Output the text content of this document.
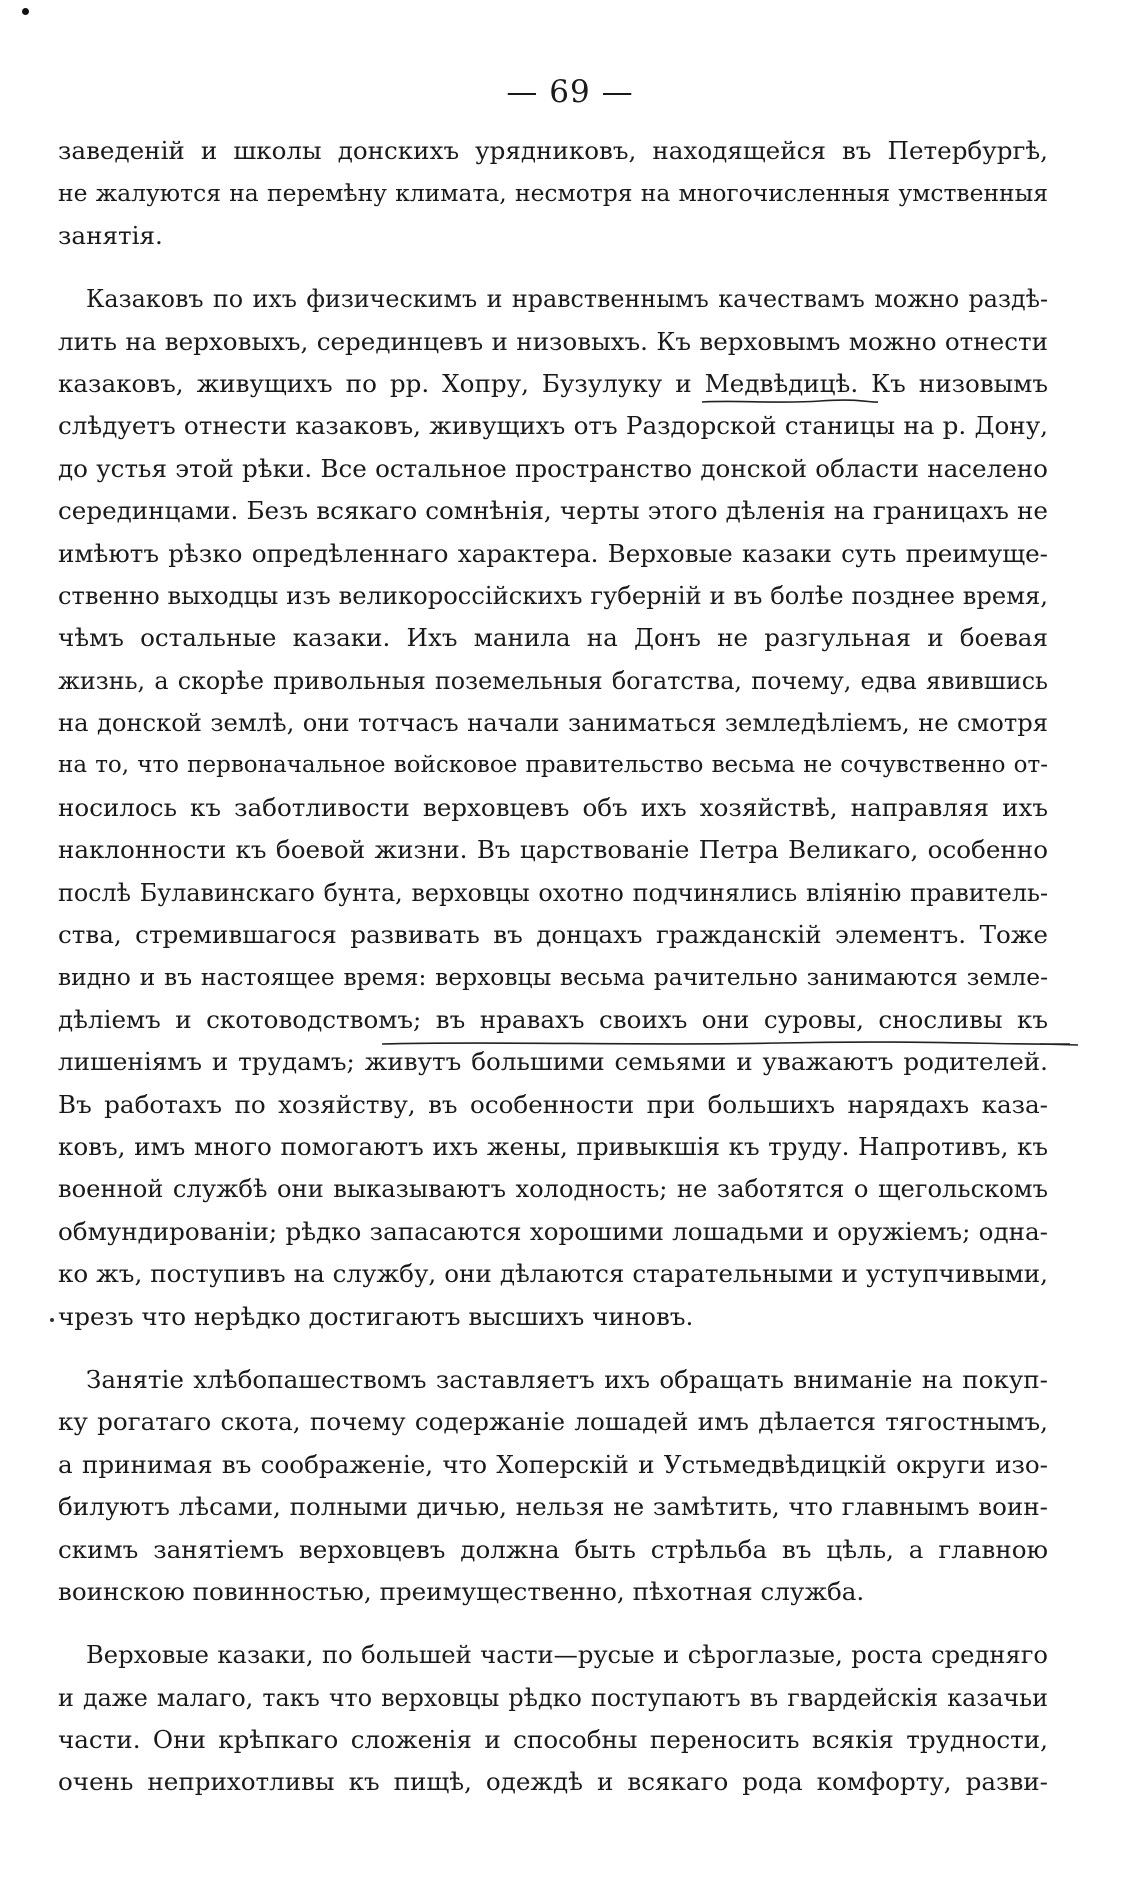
— 69 —
заведеній и школы донскихъ урядниковъ, находящейся въ Петербургѣ,
не жалуются на перемѣну климата, несмотря на многочисленныя умственныя
занятія.
Казаковъ по ихъ физическимъ и нравственнымъ качествамъ можно раздѣ-
лить на верховыхъ, серединцевъ и низовыхъ. Къ верховымъ можно отнести
казаковъ, живущихъ по рр. Хопру, Бузулуку и Медвѣдицѣ. Къ низовымъ
слѣдуетъ отнести казаковъ, живущихъ отъ Раздорской станицы на р. Дону,
до устья этой рѣки. Все остальное пространство донской области населено
серединцами. Безъ всякаго сомнѣнія, черты этого дѣленія на границахъ не
имѣютъ рѣзко опредѣленнаго характера. Верховые казаки суть преимуще-
ственно выходцы изъ великороссійскихъ губерній и въ болѣе позднее время,
чѣмъ остальные казаки. Ихъ манила на Донъ не разгульная и боевая
жизнь, а скорѣе привольныя поземельныя богатства, почему, едва явившись
на донской землѣ, они тотчасъ начали заниматься земледѣліемъ, не смотря
на то, что первоначальное войсковое правительство весьма не сочувственно от-
носилось къ заботливости верховцевъ объ ихъ хозяйствѣ, направляя ихъ
наклонности къ боевой жизни. Въ царствованіе Петра Великаго, особенно
послѣ Булавинскаго бунта, верховцы охотно подчинялись вліянію правитель-
ства, стремившагося развивать въ донцахъ гражданскій элементъ. Тоже
видно и въ настоящее время: верховцы весьма рачительно занимаются земле-
дѣліемъ и скотоводствомъ; въ нравахъ своихъ они суровы, сносливы къ
лишеніямъ и трудамъ; живутъ большими семьями и уважаютъ родителей.
Въ работахъ по хозяйству, въ особенности при большихъ нарядахъ каза-
ковъ, имъ много помогаютъ ихъ жены, привыкшія къ труду. Напротивъ, къ
военной службѣ они выказываютъ холодность; не заботятся о щегольскомъ
обмундированіи; рѣдко запасаются хорошими лошадьми и оружіемъ; одна-
ко жъ, поступивъ на службу, они дѣлаются старательными и уступчивыми,
чрезъ что нерѣдко достигаютъ высшихъ чиновъ.
Занятіе хлѣбопашествомъ заставляетъ ихъ обращать вниманіе на покуп-
ку рогатаго скота, почему содержаніе лошадей имъ дѣлается тягостнымъ,
а принимая въ соображеніе, что Хоперскій и Устьмедвѣдицкій округи изо-
билуютъ лѣсами, полными дичью, нельзя не замѣтить, что главнымъ воин-
скимъ занятіемъ верховцевъ должна быть стрѣльба въ цѣль, а главною
воинскою повинностью, преимущественно, пѣхотная служба.
Верховые казаки, по большей части—русые и сѣроглазые, роста средняго
и даже малаго, такъ что верховцы рѣдко поступаютъ въ гвардейскія казачьи
части. Они крѣпкаго сложенія и способны переносить всякія трудности,
очень неприхотливы къ пищѣ, одеждѣ и всякаго рода комфорту, разви-
